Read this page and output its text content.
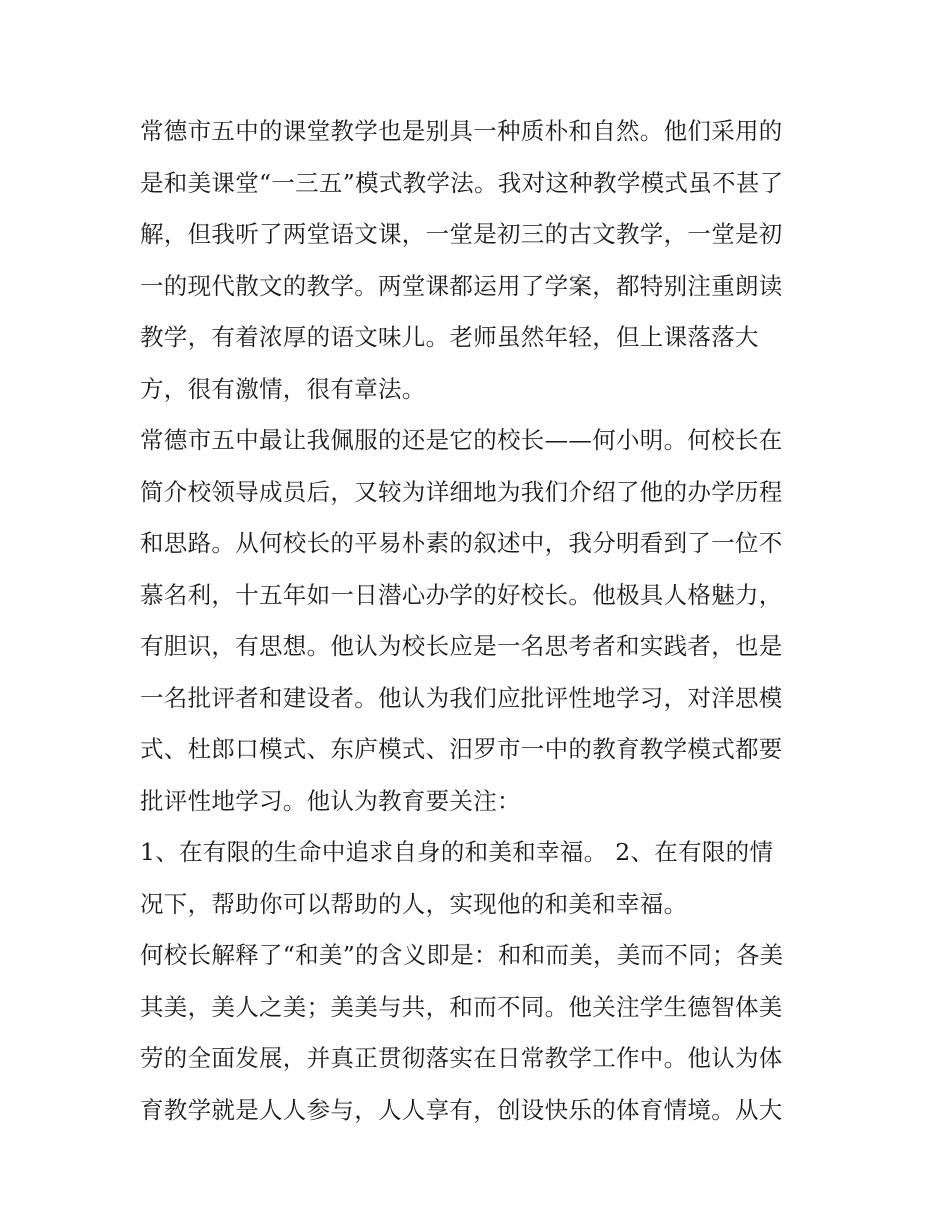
常德市五中的课堂教学也是别具一种质朴和自然。他们采用的
是和美课堂“一三五”模式教学法。我对这种教学模式虽不甚了
解，但我听了两堂语文课，一堂是初三的古文教学，一堂是初
一的现代散文的教学。两堂课都运用了学案，都特别注重朗读
教学，有着浓厚的语文味儿。老师虽然年轻，但上课落落大
方，很有激情，很有章法。
常德市五中最让我佩服的还是它的校长——何小明。何校长在
简介校领导成员后，又较为详细地为我们介绍了他的办学历程
和思路。从何校长的平易朴素的叙述中，我分明看到了一位不
慕名利，十五年如一日潜心办学的好校长。他极具人格魅力，
有胆识，有思想。他认为校长应是一名思考者和实践者，也是
一名批评者和建设者。他认为我们应批评性地学习，对洋思模
式、杜郎口模式、东庐模式、汨罗市一中的教育教学模式都要
批评性地学习。他认为教育要关注：
1、在有限的生命中追求自身的和美和幸福。 2、在有限的情
况下，帮助你可以帮助的人，实现他的和美和幸福。
何校长解释了“和美”的含义即是：和和而美，美而不同；各美
其美，美人之美；美美与共，和而不同。他关注学生德智体美
劳的全面发展，并真正贯彻落实在日常教学工作中。他认为体
育教学就是人人参与，人人享有，创设快乐的体育情境。从大
